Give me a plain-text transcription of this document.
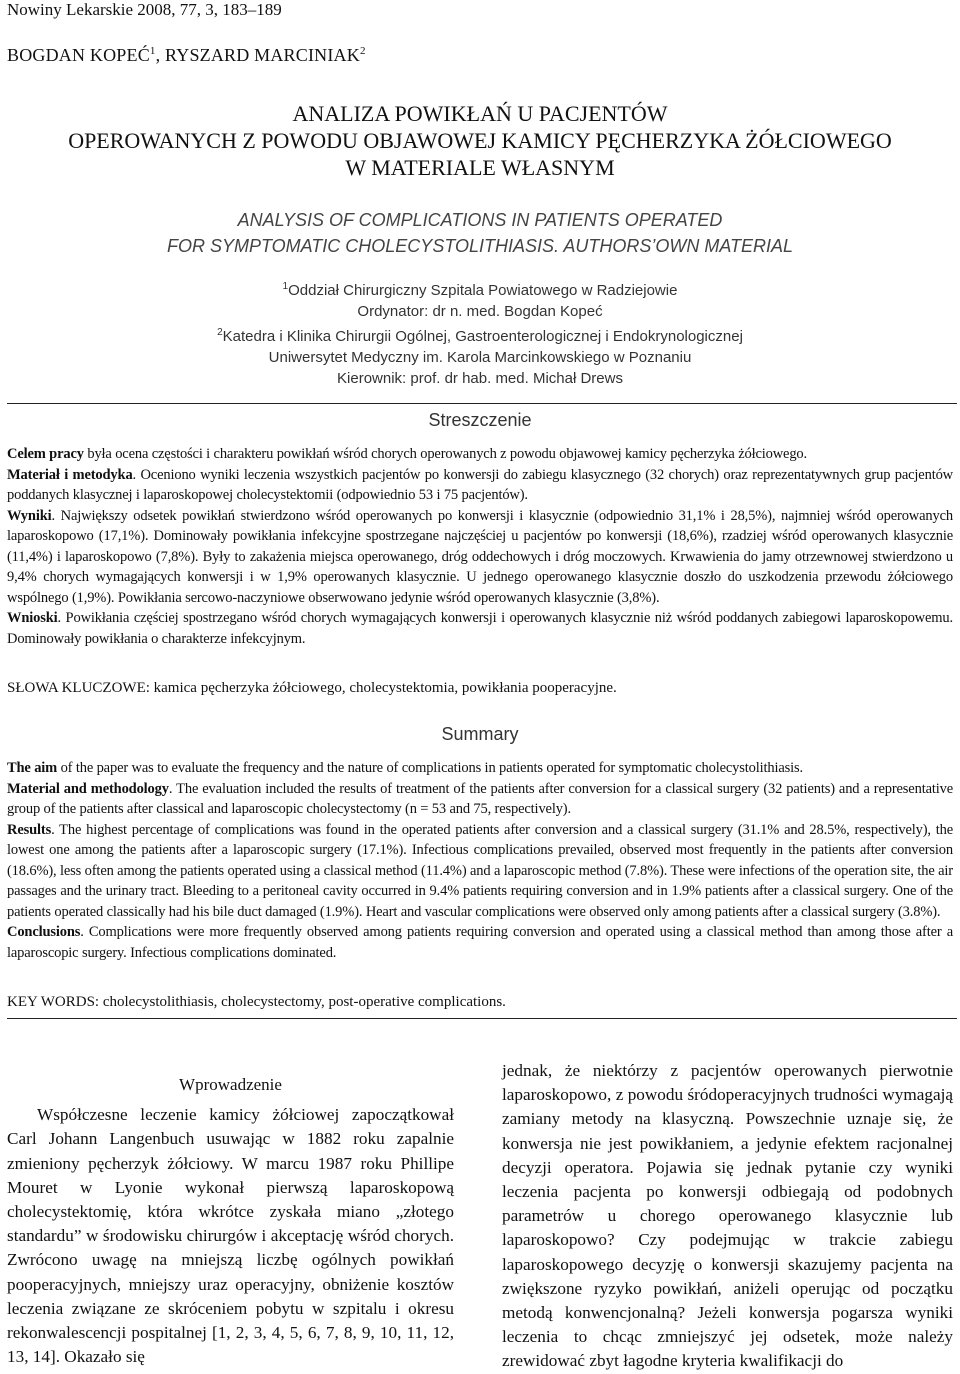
Nowiny Lekarskie 2008, 77, 3, 183–189
BOGDAN KOPEĆ$^1$, RYSZARD MARCINIAK$^2$
ANALIZA POWIKŁAŃ U PACJENTÓW
OPEROWANYCH Z POWODU OBJAWOWEJ KAMICY PĘCHERZYKA ŻÓŁCIOWEGO
W MATERIALE WŁASNYM
ANALYSIS OF COMPLICATIONS IN PATIENTS OPERATED
FOR SYMPTOMATIC CHOLECYSTOLITHIASIS. AUTHORS’OWN MATERIAL
$^1$Oddział Chirurgiczny Szpitala Powiatowego w Radziejowie
Ordynator: dr n. med. Bogdan Kopeć
$^2$Katedra i Klinika Chirurgii Ogólnej, Gastroenterologicznej i Endokrynologicznej
Uniwersytet Medyczny im. Karola Marcinkowskiego w Poznaniu
Kierownik: prof. dr hab. med. Michał Drews
Streszczenie

Celem pracy była ocena częstości i charakteru powikłań wśród chorych operowanych z powodu objawowej kamicy pęcherzyka żółciowego.

Materiał i metodyka. Oceniono wyniki leczenia wszystkich pacjentów po konwersji do zabiegu klasycznego (32 chorych) oraz reprezentatywnych grup pacjentów poddanych klasycznej i laparoskopowej cholecystektomii (odpowiednio 53 i 75 pacjentów).

Wyniki. Największy odsetek powikłań stwierdzono wśród operowanych po konwersji i klasycznie (odpowiednio 31,1% i 28,5%), najmniej wśród operowanych laparoskopowo (17,1%). Dominowały powikłania infekcyjne spostrzegane najczęściej u pacjentów po konwersji (18,6%), rzadziej wśród operowanych klasycznie (11,4%) i laparoskopowo (7,8%). Były to zakażenia miejsca operowanego, dróg oddechowych i dróg moczowych. Krwawienia do jamy otrzewnowej stwierdzono u 9,4% chorych wymagających konwersji i w 1,9% operowanych klasycznie. U jednego operowanego klasycznie doszło do uszkodzenia przewodu żółciowego wspólnego (1,9%). Powikłania sercowo-naczyniowe obserwowano jedynie wśród operowanych klasycznie (3,8%).

Wnioski. Powikłania częściej spostrzegano wśród chorych wymagających konwersji i operowanych klasycznie niż wśród poddanych zabiegowi laparoskopowemu. Dominowały powikłania o charakterze infekcyjnym.

SŁOWA KLUCZOWE: kamica pęcherzyka żółciowego, cholecystektomia, powikłania pooperacyjne.
Summary

The aim of the paper was to evaluate the frequency and the nature of complications in patients operated for symptomatic cholecystolithiasis.

Material and methodology. The evaluation included the results of treatment of the patients after conversion for a classical surgery (32 patients) and a representative group of the patients after classical and laparoscopic cholecystectomy (n = 53 and 75, respectively).

Results. The highest percentage of complications was found in the operated patients after conversion and a classical surgery (31.1% and 28.5%, respectively), the lowest one among the patients after a laparoscopic surgery (17.1%). Infectious complications prevailed, observed most frequently in the patients after conversion (18.6%), less often among the patients operated using a classical method (11.4%) and a laparoscopic method (7.8%). These were infections of the operation site, the air passages and the urinary tract. Bleeding to a peritoneal cavity occurred in 9.4% patients requiring conversion and in 1.9% patients after a classical surgery. One of the patients operated classically had his bile duct damaged (1.9%). Heart and vascular complications were observed only among patients after a classical surgery (3.8%).

Conclusions. Complications were more frequently observed among patients requiring conversion and operated using a classical method than among those after a laparoscopic surgery. Infectious complications dominated.

KEY WORDS: cholecystolithiasis, cholecystectomy, post-operative complications.
Wprowadzenie

Współczesne leczenie kamicy żółciowej zapoczątkował Carl Johann Langenbuch usuwając w 1882 roku zapalnie zmieniony pęcherzyk żółciowy. W marcu 1987 roku Phillipe Mouret w Lyonie wykonał pierwszą laparoskopową cholecystektomię, która wkrótce zyskała miano „złotego standardu” w środowisku chirurgów i akceptację wśród chorych. Zwrócono uwagę na mniejszą liczbę ogólnych powikłań pooperacyjnych, mniejszy uraz operacyjny, obniżenie kosztów leczenia związane ze skróceniem pobytu w szpitalu i okresu rekonwalescencji pospitalnej [1, 2, 3, 4, 5, 6, 7, 8, 9, 10, 11, 12, 13, 14]. Okazało się

jednak, że niektórzy z pacjentów operowanych pierwotnie laparoskopowo, z powodu śródoperacyjnych trudności wymagają zamiany metody na klasyczną. Powszechnie uznaje się, że konwersja nie jest powikłaniem, a jedynie efektem racjonalnej decyzji operatora. Pojawia się jednak pytanie czy wyniki leczenia pacjenta po konwersji odbiegają od podobnych parametrów u chorego operowanego klasycznie lub laparoskopowo? Czy podejmując w trakcie zabiegu laparoskopowego decyzję o konwersji skazujemy pacjenta na zwiększone ryzyko powikłań, aniżeli operując od początku metodą konwencjonalną? Jeżeli konwersja pogarsza wyniki leczenia to chcąc zmniejszyć jej odsetek, może należy zrewidować zbyt łagodne kryteria kwalifikacji do
